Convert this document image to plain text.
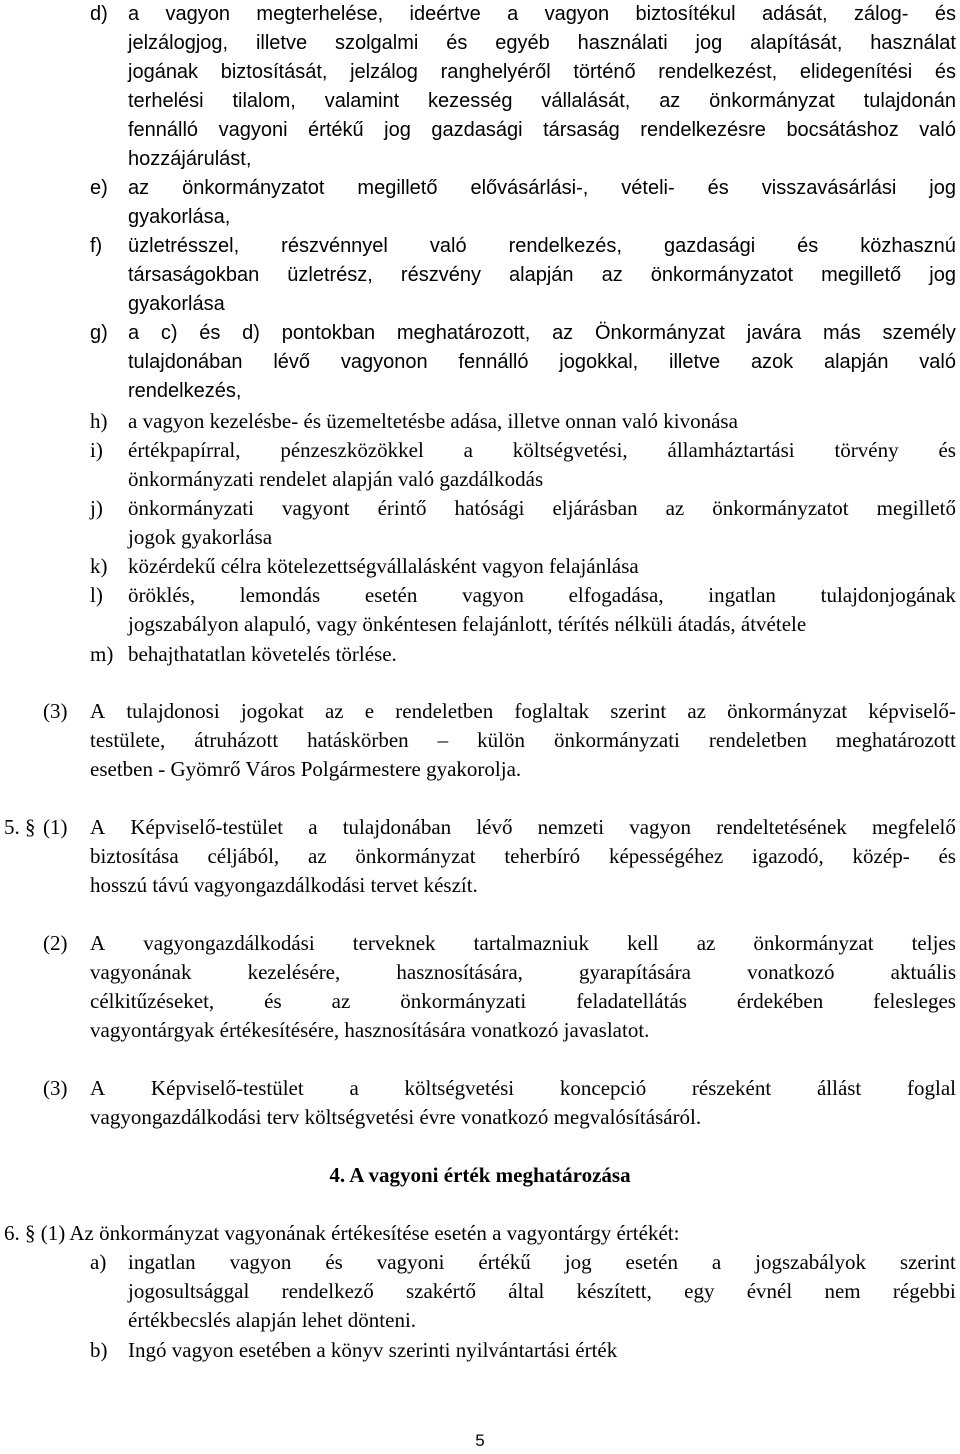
d) a vagyon megterhelése, ideértve a vagyon biztosítékul adását, zálog- és
jelzálogjog, illetve szolgalmi és egyéb használati jog alapítását, használat
jogának biztosítását, jelzálog ranghelyéről történő rendelkezést, elidegenítési és
terhelési tilalom, valamint kezesség vállalását, az önkormányzat tulajdonán
fennálló vagyoni értékű jog gazdasági társaság rendelkezésre bocsátáshoz való
hozzájárulást,
e) az önkormányzatot megillető elővásárlási-, vételi- és visszavásárlási jog
gyakorlása,
f) üzletrésszel, részvénnyel való rendelkezés, gazdasági és közhasznú
társaságokban üzletrész, részvény alapján az önkormányzatot megillető jog
gyakorlása
g) a c) és d) pontokban meghatározott, az Önkormányzat javára más személy
tulajdonában lévő vagyonon fennálló jogokkal, illetve azok alapján való
rendelkezés,
h) a vagyon kezelésbe- és üzemeltetésbe adása, illetve onnan való kivonása
i) értékpapírral, pénzeszközökkel a költségvetési, államháztartási törvény és
önkormányzati rendelet alapján való gazdálkodás
j) önkormányzati vagyont érintő hatósági eljárásban az önkormányzatot megillető
jogok gyakorlása
k) közérdekű célra kötelezettségvállalásként vagyon felajánlása
l) öröklés, lemondás esetén vagyon elfogadása, ingatlan tulajdonjogának
jogszabályon alapuló, vagy önkéntesen felajánlott, térítés nélküli átadás, átvétele
m) behajthatatlan követelés törlése.
(3) A tulajdonosi jogokat az e rendeletben foglaltak szerint az önkormányzat képviselő-
testülete, átruházott hatáskörben – külön önkormányzati rendeletben meghatározott
esetben - Gyömrő Város Polgármestere gyakorolja.
5. § (1) A Képviselő-testület a tulajdonában lévő nemzeti vagyon rendeltetésének megfelelő
biztosítása céljából, az önkormányzat teherbíró képességéhez igazodó, közép- és
hosszú távú vagyongazdálkodási tervet készít.
(2) A vagyongazdálkodási terveknek tartalmazniuk kell az önkormányzat teljes
vagyonának	kezelésére,	hasznosítására,	gyarapítására	vonatkozó	aktuális
célkitűzéseket, és az önkormányzati feladatellátás érdekében felesleges
vagyontárgyak értékesítésére, hasznosítására vonatkozó javaslatot.
(3) A Képviselő-testület a költségvetési koncepció részeként állást foglal
vagyongazdálkodási terv költségvetési évre vonatkozó megvalósításáról.
4. A vagyoni érték meghatározása
6. § (1) Az önkormányzat vagyonának értékesítése esetén a vagyontárgy értékét:
a) ingatlan vagyon és vagyoni értékű jog esetén a jogszabályok szerint
jogosultsággal rendelkező szakértő által készített, egy évnél nem régebbi
értékbecslés alapján lehet dönteni.
b) Ingó vagyon esetében a könyv szerinti nyilvántartási érték
5
